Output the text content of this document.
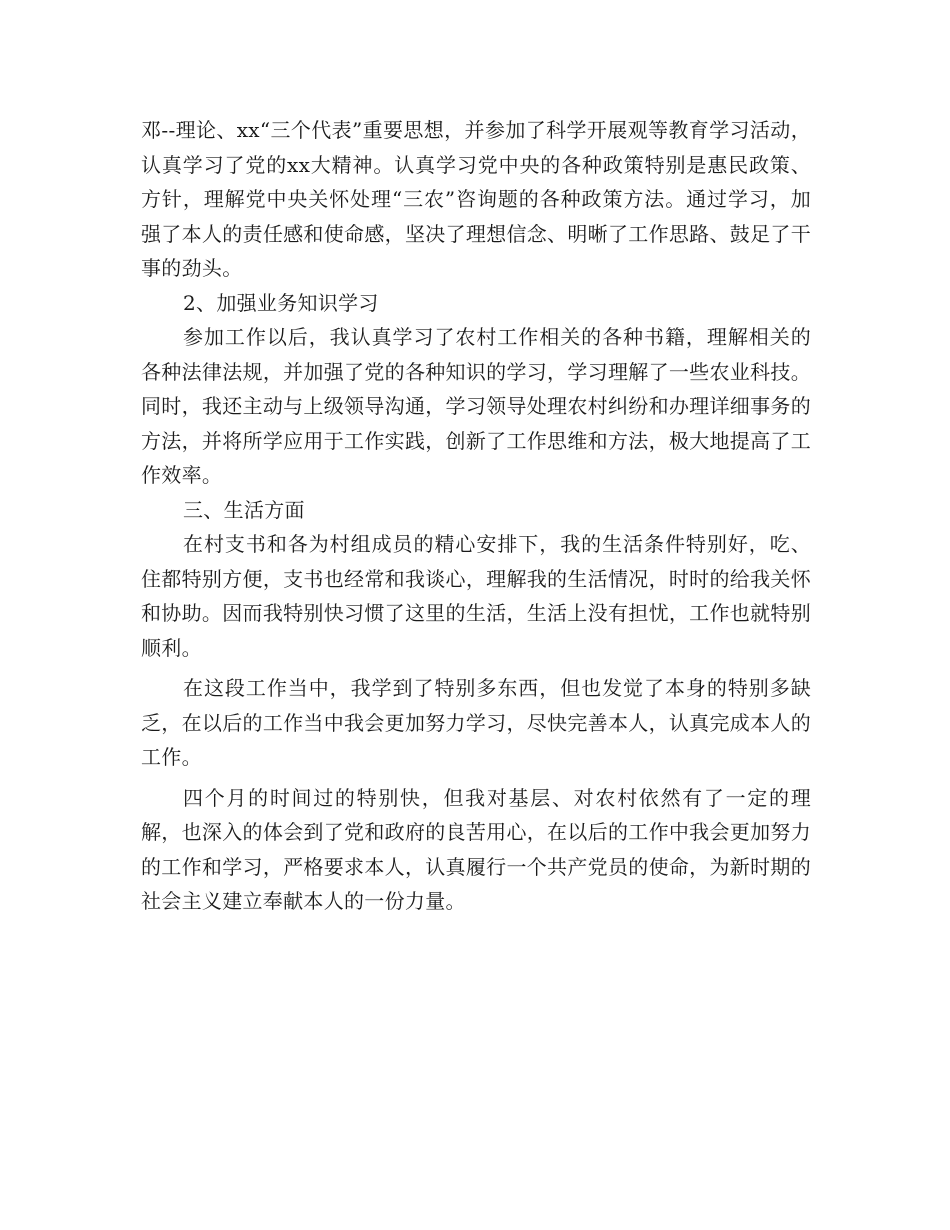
邓--理论、xx“三个代表”重要思想，并参加了科学开展观等教育学习活动，认真学习了党的xx大精神。认真学习党中央的各种政策特别是惠民政策、方针，理解党中央关怀处理“三农”咨询题的各种政策方法。通过学习，加强了本人的责任感和使命感，坚决了理想信念、明晰了工作思路、鼓足了干事的劲头。

2、加强业务知识学习

参加工作以后，我认真学习了农村工作相关的各种书籍，理解相关的各种法律法规，并加强了党的各种知识的学习，学习理解了一些农业科技。同时，我还主动与上级领导沟通，学习领导处理农村纠纷和办理详细事务的方法，并将所学应用于工作实践，创新了工作思维和方法，极大地提高了工作效率。

三、生活方面

在村支书和各为村组成员的精心安排下，我的生活条件特别好，吃、住都特别方便，支书也经常和我谈心，理解我的生活情况，时时的给我关怀和协助。因而我特别快习惯了这里的生活，生活上没有担忧，工作也就特别顺利。

在这段工作当中，我学到了特别多东西，但也发觉了本身的特别多缺乏，在以后的工作当中我会更加努力学习，尽快完善本人，认真完成本人的工作。

四个月的时间过的特别快，但我对基层、对农村依然有了一定的理解，也深入的体会到了党和政府的良苦用心，在以后的工作中我会更加努力的工作和学习，严格要求本人，认真履行一个共产党员的使命，为新时期的社会主义建立奉献本人的一份力量。
